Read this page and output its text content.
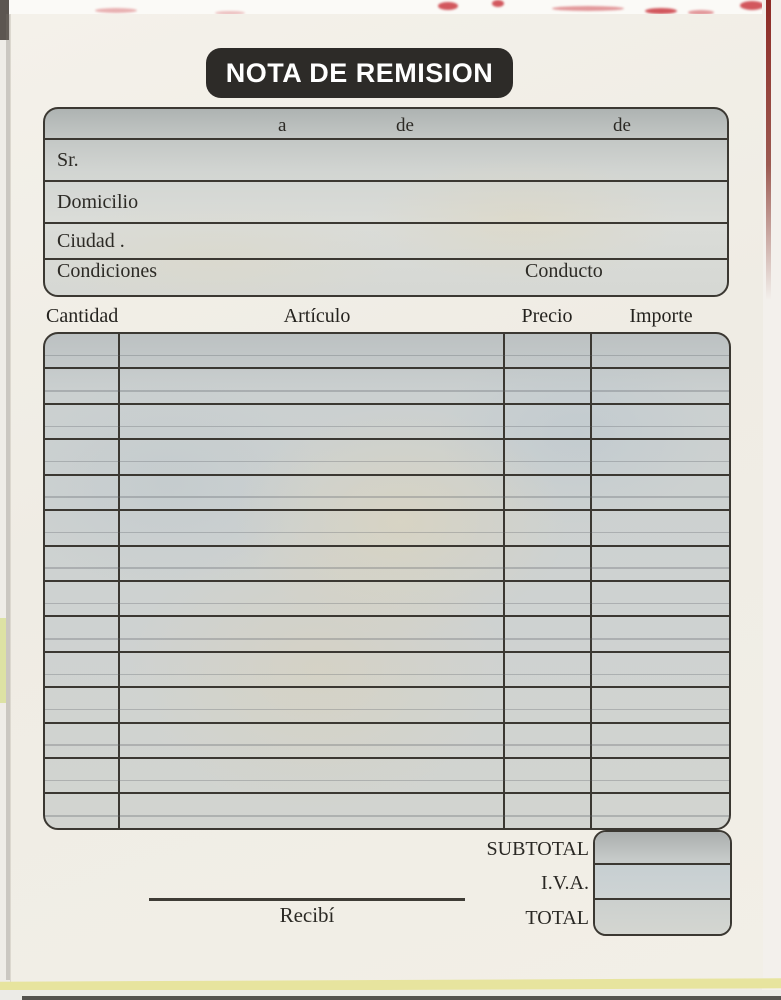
NOTA DE REMISION
a	de	de
Sr.
Domicilio
Ciudad .
Condiciones	Conducto
Cantidad	Artículo	Precio	Importe
SUBTOTAL
I.V.A.
TOTAL
Recibí
